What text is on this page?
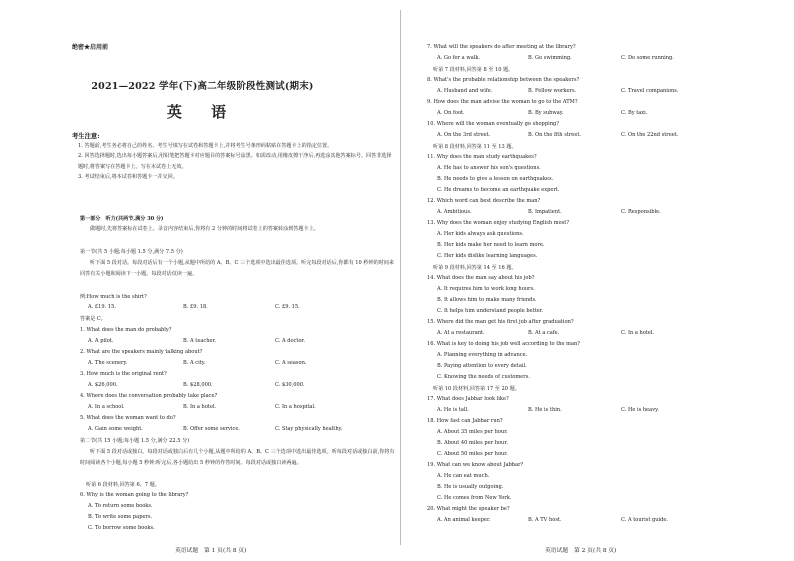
绝密★启用前
2021—2022 学年(下)高二年级阶段性测试(期末)
英 语
考生注意:
1. 答题前,考生务必将自己的姓名、考生号填写在试卷和答题卡上,并将考生号条形码粘贴在答题卡上的指定位置。
2. 回答选择题时,选出每小题答案后,用铅笔把答题卡对应题目的答案标号涂黑。如需改动,用橡皮擦干净后,再选涂其他答案标号。回答非选择题时,将答案写在答题卡上。写在本试卷上无效。
3. 考试结束后,将本试卷和答题卡一并交回。
第一部分　听力(共两节,满分 30 分)
做题时,先将答案标在试卷上。录音内容结束后,你将有 2 分钟的时间将试卷上的答案转涂到答题卡上。
第一节(共 5 小题;每小题 1.5 分,满分 7.5 分)
听下面 5 段对话。每段对话后有一个小题,从题中所给的 A、B、C 三个选项中选出最佳选项。听完每段对话后,你都有 10 秒钟的时间来回答有关小题和阅读下一小题。每段对话仅读一遍。
例:How much is the shirt?
A. £19. 15.	B. £9. 18.	C. £9. 15.
答案是 C。
1. What does the man do probably?
A. A pilot.	B. A teacher.	C. A doctor.
2. What are the speakers mainly talking about?
A. The scenery.	B. A city.	C. A season.
3. How much is the original rent?
A. $26,000.	B. $28,000.	C. $30,000.
4. Where does the conversation probably take place?
A. In a school.	B. In a hotel.	C. In a hospital.
5. What does the woman want to do?
A. Gain some weight.	B. Offer some service.	C. Stay physically healthy.
第二节(共 15 小题;每小题 1.5 分,满分 22.5 分)
听下面 5 段对话或独白。每段对话或独白后有几个小题,从题中所给的 A、B、C 三个选项中选出最佳选项。听每段对话或独白前,你将有时间阅读各个小题,每小题 5 秒钟;听完后,各小题给出 5 秒钟的作答时间。每段对话或独白读两遍。
听第 6 段材料,回答第 6、7 题。
6. Why is the woman going to the library?
A. To return some books.
B. To write some papers.
C. To borrow some books.
英语试题　第 1 页(共 8 页)
7. What will the speakers do after meeting at the library?
A. Go for a walk.	B. Go swimming.	C. Do some running.
听第 7 段材料,回答第 8 至 10 题。
8. What's the probable relationship between the speakers?
A. Husband and wife.	B. Fellow workers.	C. Travel companions.
9. How does the man advise the woman to go to the ATM?
A. On foot.	B. By subway.	C. By taxi.
10. Where will the woman eventually go shopping?
A. On the 3rd street.	B. On the 8th street.	C. On the 22nd street.
听第 8 段材料,回答第 11 至 13 题。
11. Why does the man study earthquakes?
A. He has to answer his son's questions.
B. He needs to give a lesson on earthquakes.
C. He dreams to become an earthquake expert.
12. Which word can best describe the man?
A. Ambitious.	B. Impatient.	C. Responsible.
13. Why does the woman enjoy studying English most?
A. Her kids always ask questions.
B. Her kids make her need to learn more.
C. Her kids dislike learning languages.
听第 9 段材料,回答第 14 至 16 题。
14. What does the man say about his job?
A. It requires him to work long hours.
B. It allows him to make many friends.
C. It helps him understand people better.
15. Where did the man get his first job after graduation?
A. At a restaurant.	B. At a cafe.	C. In a hotel.
16. What is key to doing his job well according to the man?
A. Planning everything in advance.
B. Paying attention to every detail.
C. Knowing the needs of customers.
听第 10 段材料,回答第 17 至 20 题。
17. What does Jabbar look like?
A. He is tall.	B. He is thin.	C. He is heavy.
18. How fast can Jabbar run?
A. About 35 miles per hour.
B. About 40 miles per hour.
C. About 50 miles per hour.
19. What can we know about Jabbar?
A. He can eat much.
B. He is usually outgoing.
C. He comes from New York.
20. What might the speaker be?
A. An animal keeper.	B. A TV host.	C. A tourist guide.
英语试题　第 2 页(共 8 页)
